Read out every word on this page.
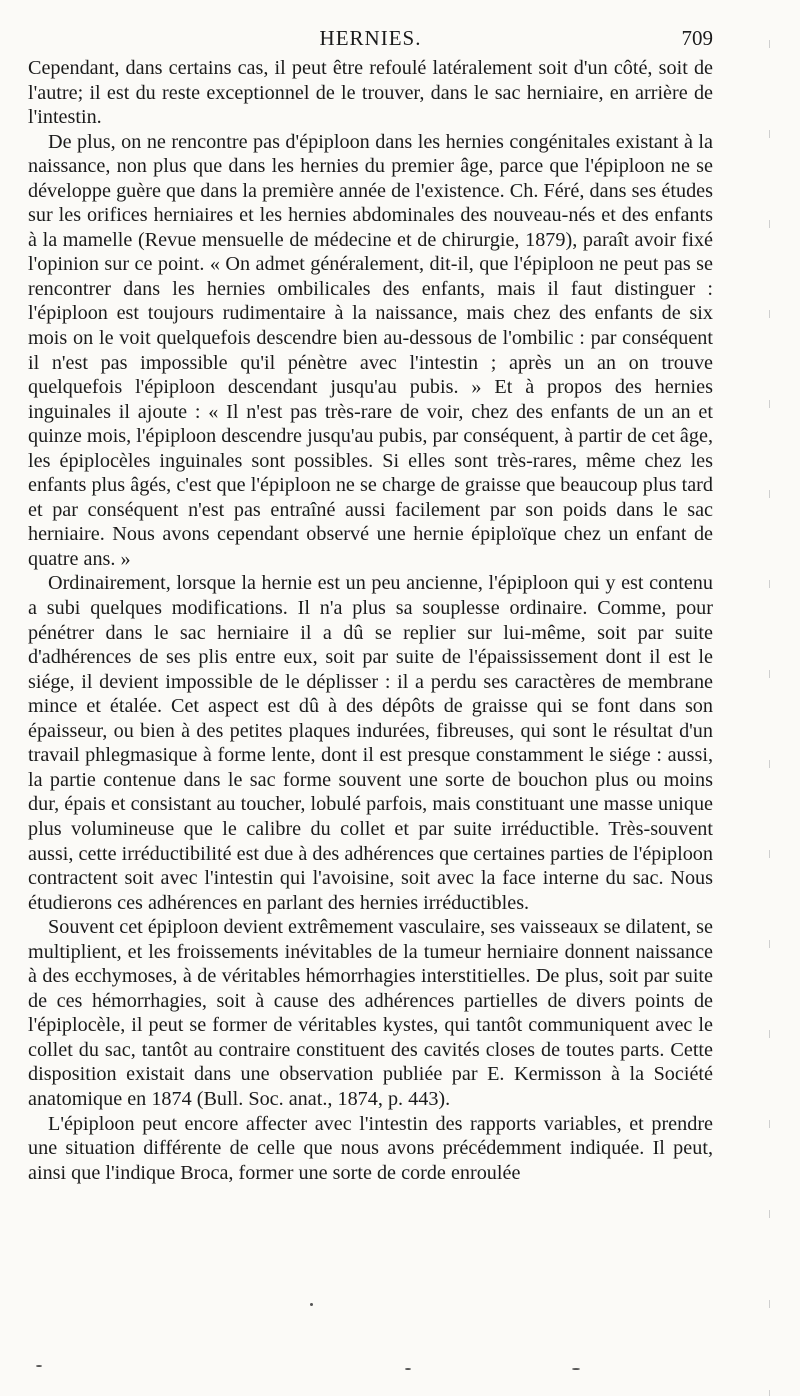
HERNIES.	709

Cependant, dans certains cas, il peut être refoulé latéralement soit d'un côté, soit de l'autre; il est du reste exceptionnel de le trouver, dans le sac herniaire, en arrière de l'intestin.

De plus, on ne rencontre pas d'épiploon dans les hernies congénitales existant à la naissance, non plus que dans les hernies du premier âge, parce que l'épiploon ne se développe guère que dans la première année de l'existence. Ch. Féré, dans ses études sur les orifices herniaires et les hernies abdominales des nouveau-nés et des enfants à la mamelle (Revue mensuelle de médecine et de chirurgie, 1879), paraît avoir fixé l'opinion sur ce point. « On admet généralement, dit-il, que l'épiploon ne peut pas se rencontrer dans les hernies ombilicales des enfants, mais il faut distinguer : l'épiploon est toujours rudimentaire à la naissance, mais chez des enfants de six mois on le voit quelquefois descendre bien au-dessous de l'ombilic : par conséquent il n'est pas impossible qu'il pénètre avec l'intestin ; après un an on trouve quelquefois l'épiploon descendant jusqu'au pubis. » Et à propos des hernies inguinales il ajoute : « Il n'est pas très-rare de voir, chez des enfants de un an et quinze mois, l'épiploon descendre jusqu'au pubis, par conséquent, à partir de cet âge, les épiplocèles inguinales sont possibles. Si elles sont très-rares, même chez les enfants plus âgés, c'est que l'épiploon ne se charge de graisse que beaucoup plus tard et par conséquent n'est pas entraîné aussi facilement par son poids dans le sac herniaire. Nous avons cependant observé une hernie épiploïque chez un enfant de quatre ans. »

Ordinairement, lorsque la hernie est un peu ancienne, l'épiploon qui y est contenu a subi quelques modifications. Il n'a plus sa souplesse ordinaire. Comme, pour pénétrer dans le sac herniaire il a dû se replier sur lui-même, soit par suite d'adhérences de ses plis entre eux, soit par suite de l'épaississement dont il est le siége, il devient impossible de le déplisser : il a perdu ses caractères de membrane mince et étalée. Cet aspect est dû à des dépôts de graisse qui se font dans son épaisseur, ou bien à des petites plaques indurées, fibreuses, qui sont le résultat d'un travail phlegmasique à forme lente, dont il est presque constamment le siége : aussi, la partie contenue dans le sac forme souvent une sorte de bouchon plus ou moins dur, épais et consistant au toucher, lobulé parfois, mais constituant une masse unique plus volumineuse que le calibre du collet et par suite irréductible. Très-souvent aussi, cette irréductibilité est due à des adhérences que certaines parties de l'épiploon contractent soit avec l'intestin qui l'avoisine, soit avec la face interne du sac. Nous étudierons ces adhérences en parlant des hernies irréductibles.

Souvent cet épiploon devient extrêmement vasculaire, ses vaisseaux se dilatent, se multiplient, et les froissements inévitables de la tumeur herniaire donnent naissance à des ecchymoses, à de véritables hémorrhagies interstitielles. De plus, soit par suite de ces hémorrhagies, soit à cause des adhérences partielles de divers points de l'épiplocèle, il peut se former de véritables kystes, qui tantôt communiquent avec le collet du sac, tantôt au contraire constituent des cavités closes de toutes parts. Cette disposition existait dans une observation publiée par E. Kermisson à la Société anatomique en 1874 (Bull. Soc. anat., 1874, p. 443).

L'épiploon peut encore affecter avec l'intestin des rapports variables, et prendre une situation différente de celle que nous avons précédemment indiquée. Il peut, ainsi que l'indique Broca, former une sorte de corde enroulée
